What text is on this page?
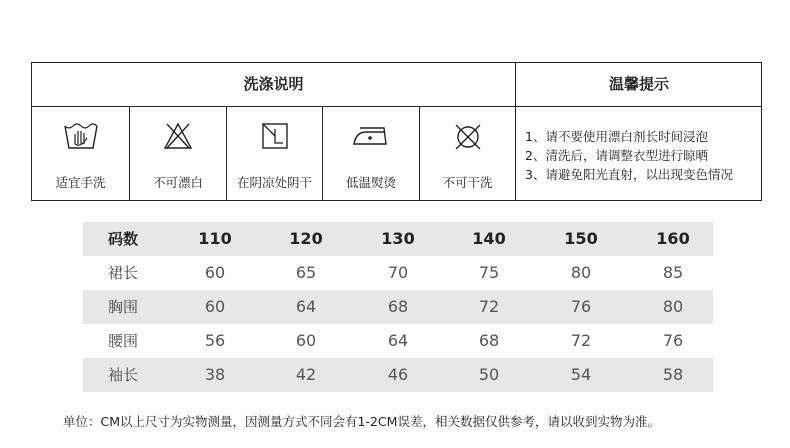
洗涤说明	温馨提示
适宜手洗	不可漂白	在阴凉处阴干	低温熨烫	不可干洗
1、请不要使用漂白剂长时间浸泡
2、清洗后，请调整衣型进行晾晒
3、请避免阳光直射，以出现变色情况
码数	110	120	130	140	150	160
裙长	60	65	70	75	80	85
胸围	60	64	68	72	76	80
腰围	56	60	64	68	72	76
袖长	38	42	46	50	54	58
单位：CM以上尺寸为实物测量，因测量方式不同会有1-2CM误差，相关数据仅供参考，请以收到实物为准。
